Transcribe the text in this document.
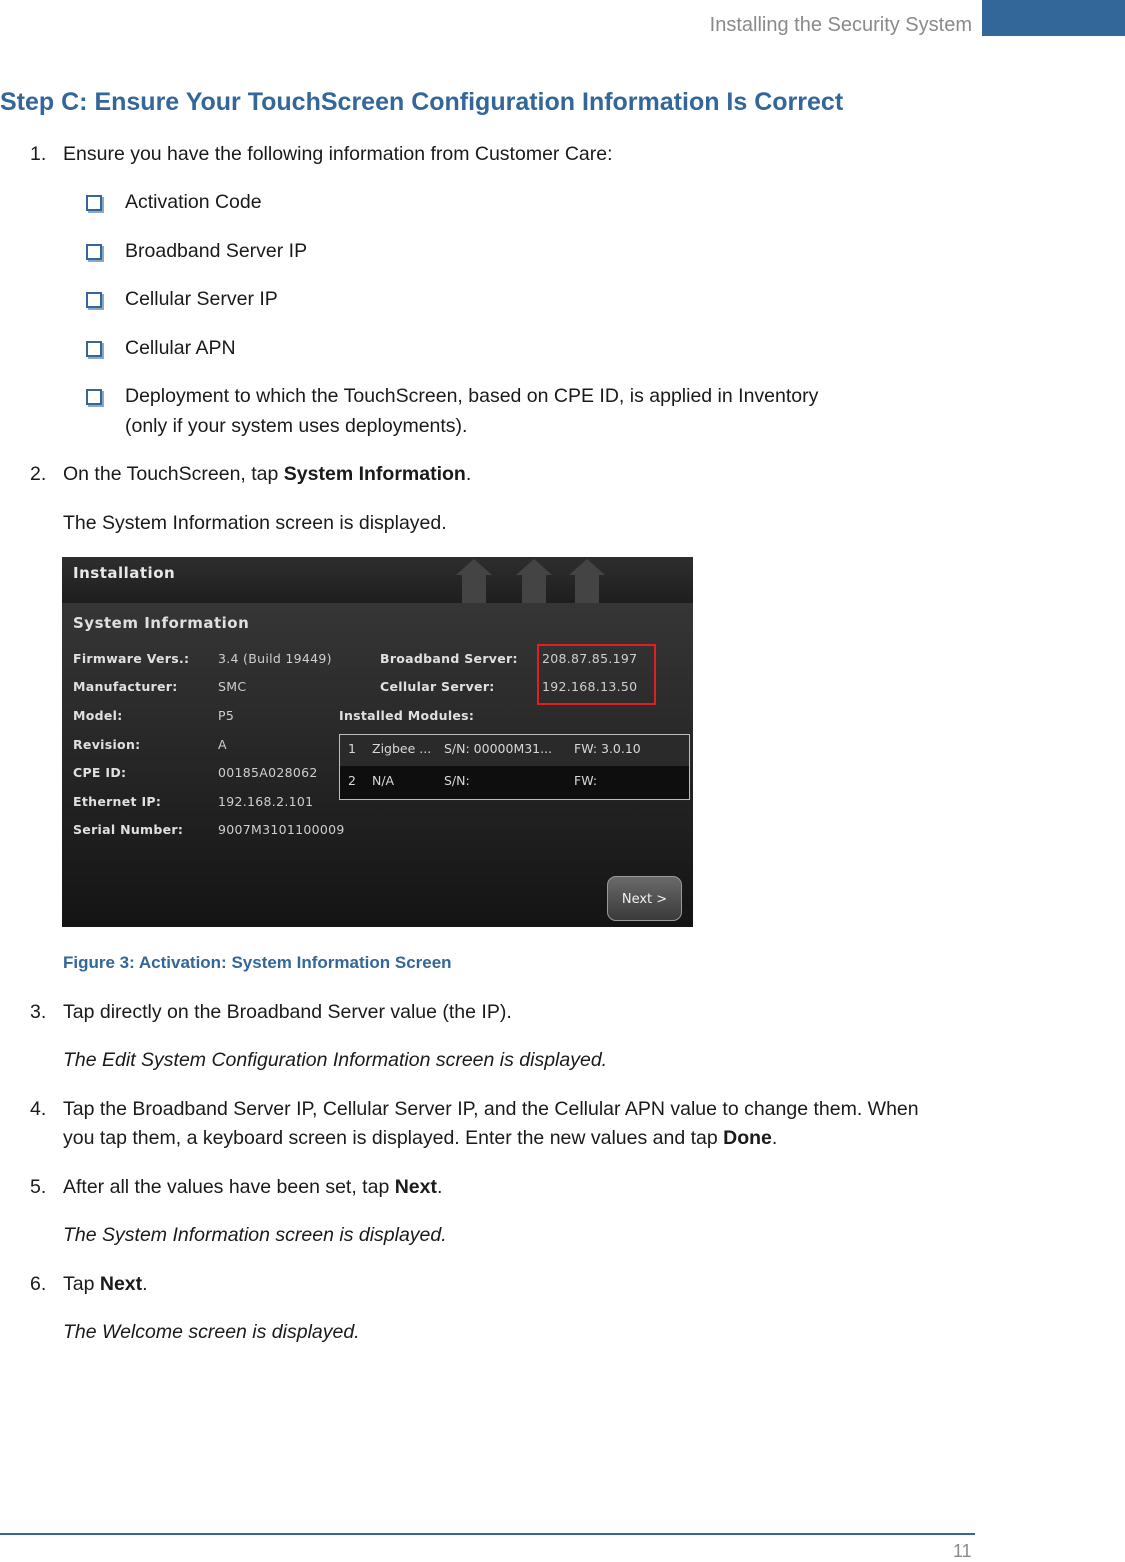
Installing the Security System
Step C: Ensure Your TouchScreen Configuration Information Is Correct
1. Ensure you have the following information from Customer Care:
Activation Code
Broadband Server IP
Cellular Server IP
Cellular APN
Deployment to which the TouchScreen, based on CPE ID, is applied in Inventory
(only if your system uses deployments).
2. On the TouchScreen, tap System Information.
The System Information screen is displayed.
Installation
System Information
Firmware Vers.: 3.4 (Build 19449)
Manufacturer:	SMC
Model:	P5
Revision:	A
CPE ID:	00185A028062
Ethernet IP:	192.168.2.101
Serial Number:	9007M3101100009
Broadband Server: 208.87.85.197
Cellular Server:	192.168.13.50
Installed Modules:
1 Zigbee ... S/N: 00000M31... FW: 3.0.10
2 N/A	S/N:	FW:
Next >
Figure 3: Activation: System Information Screen
3. Tap directly on the Broadband Server value (the IP).
The Edit System Configuration Information screen is displayed.
4. Tap the Broadband Server IP, Cellular Server IP, and the Cellular APN value to change them. When
you tap them, a keyboard screen is displayed. Enter the new values and tap Done.
5. After all the values have been set, tap Next.
The System Information screen is displayed.
6. Tap Next.
The Welcome screen is displayed.
11
